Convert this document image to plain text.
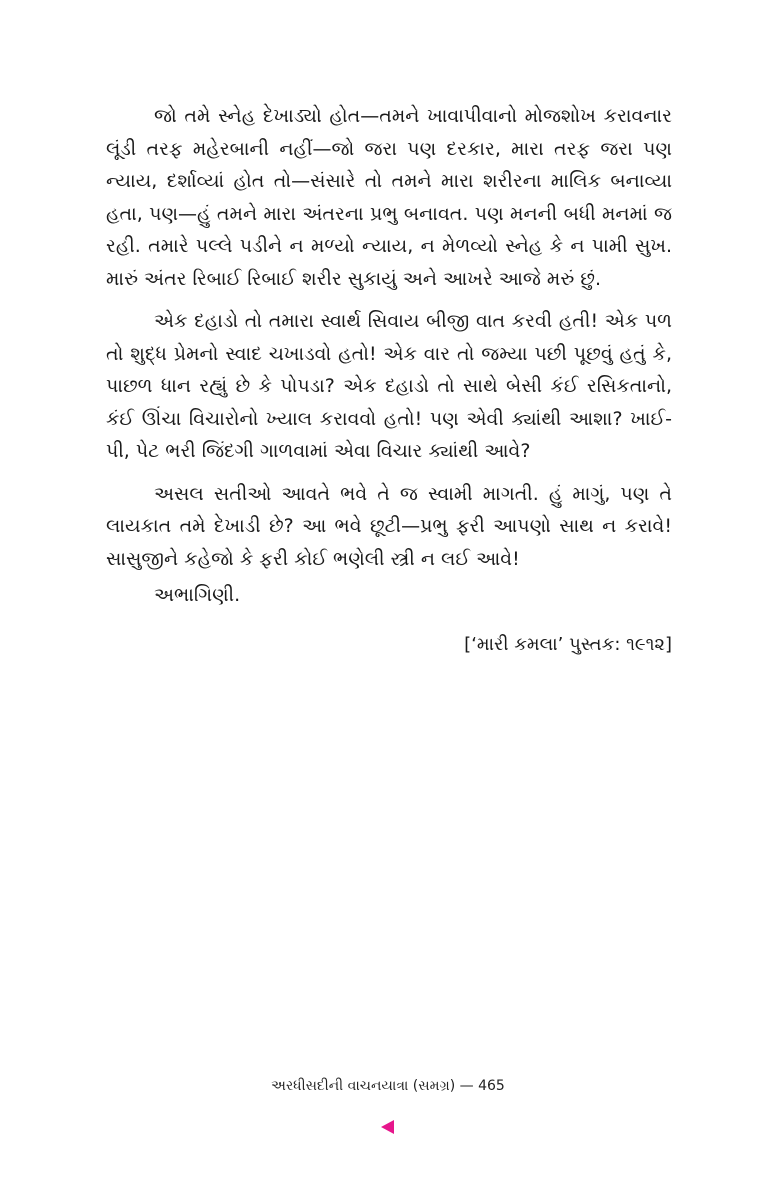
જો તમે સ્નેહ દેખાડ્યો હોત—તમને ખાવાપીવાનો મોજશોખ કરાવનાર લૂંડી તરફ મહેરબાની નહીં—જો જરા પણ દરકાર, મારા તરફ જરા પણ ન્યાય, દર્શાવ્યાં હોત તો—સંસારે તો તમને મારા શરીરના માલિક બનાવ્યા હતા, પણ—હું તમને મારા અંતરના પ્રભુ બનાવત. પણ મનની બધી મનમાં જ રહી. તમારે પલ્લે પડીને ન મળ્યો ન્યાય, ન મેળવ્યો સ્નેહ કે ન પામી સુખ. મારું અંતર રિબાઈ રિબાઈ શરીર સુકાયું અને આખરે આજે મરું છું.

એક દહાડો તો તમારા સ્વાર્થ સિવાય બીજી વાત કરવી હતી! એક પળ તો શુદ્ધ પ્રેમનો સ્વાદ ચખાડવો હતો! એક વાર તો જમ્યા પછી પૂછવું હતું કે, પાછળ ધાન રહ્યું છે કે પોપડા? એક દહાડો તો સાથે બેસી કંઈ રસિકતાનો, કંઈ ઊંચા વિચારોનો ખ્યાલ કરાવવો હતો! પણ એવી ક્યાંથી આશા? ખાઈ-પી, પેટ ભરી જિંદગી ગાળવામાં એવા વિચાર ક્યાંથી આવે?

અસલ સતીઓ આવતે ભવે તે જ સ્વામી માગતી. હું માગું, પણ તે લાયકાત તમે દેખાડી છે? આ ભવે છૂટી—પ્રભુ ફરી આપણો સાથ ન કરાવે! સાસુજીને કહેજો કે ફરી કોઈ ભણેલી સ્ત્રી ન લઈ આવે!

અભાગિણી.

[‘મારી કમલા’ પુસ્તક: ૧૯૧૨]

અરધીસદીની વાચનયાત્રા (સમગ્ર) — 465
